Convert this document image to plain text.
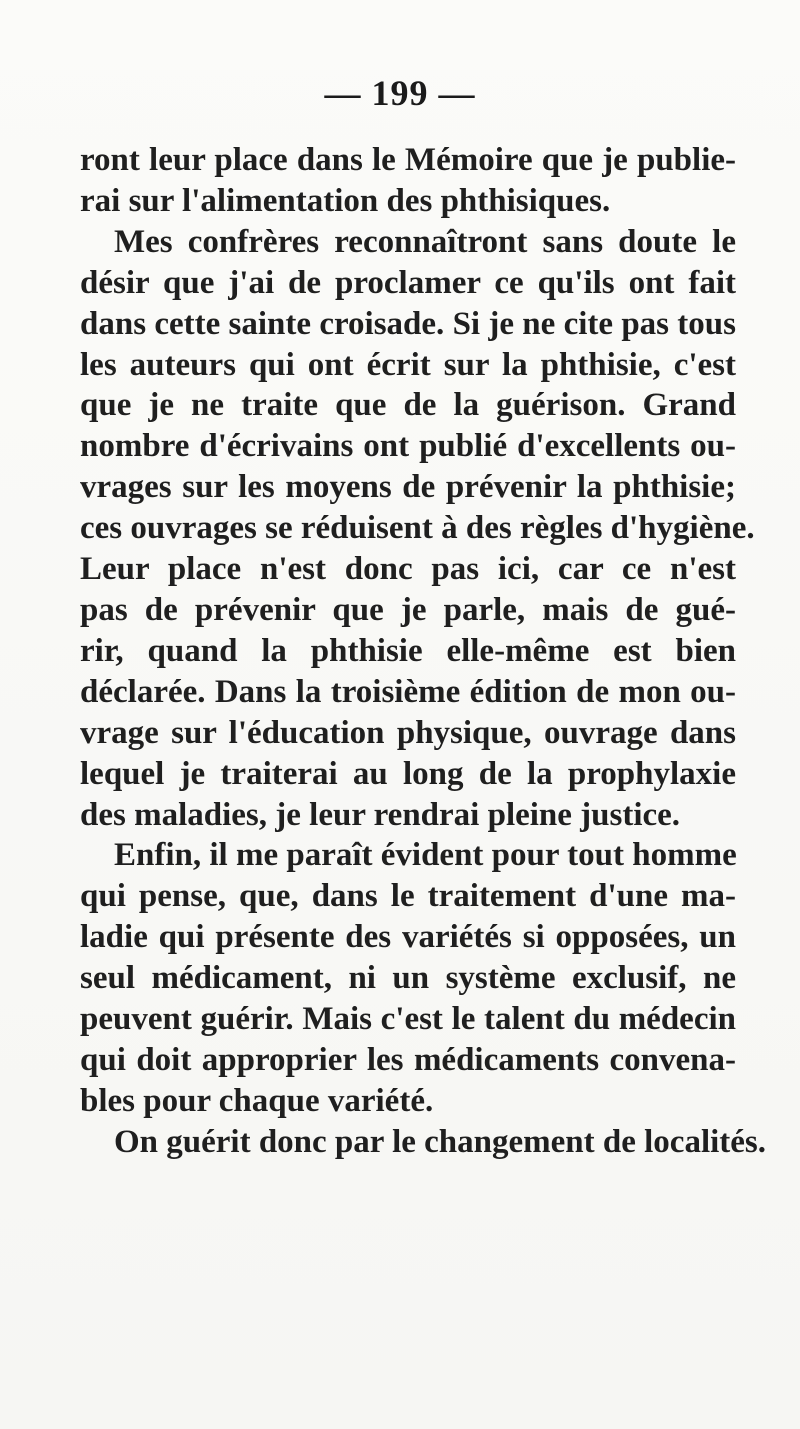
— 199 —
ront leur place dans le Mémoire que je publie-
rai sur l'alimentation des phthisiques.
Mes confrères reconnaîtront sans doute le
désir que j'ai de proclamer ce qu'ils ont fait
dans cette sainte croisade. Si je ne cite pas tous
les auteurs qui ont écrit sur la phthisie, c'est
que je ne traite que de la guérison. Grand
nombre d'écrivains ont publié d'excellents ou-
vrages sur les moyens de prévenir la phthisie;
ces ouvrages se réduisent à des règles d'hygiène.
Leur place n'est donc pas ici, car ce n'est
pas de prévenir que je parle, mais de gué-
rir, quand la phthisie elle-même est bien
déclarée. Dans la troisième édition de mon ou-
vrage sur l'éducation physique, ouvrage dans
lequel je traiterai au long de la prophylaxie
des maladies, je leur rendrai pleine justice.
Enfin, il me paraît évident pour tout homme
qui pense, que, dans le traitement d'une ma-
ladie qui présente des variétés si opposées, un
seul médicament, ni un système exclusif, ne
peuvent guérir. Mais c'est le talent du médecin
qui doit approprier les médicaments convena-
bles pour chaque variété.
On guérit donc par le changement de localités.
